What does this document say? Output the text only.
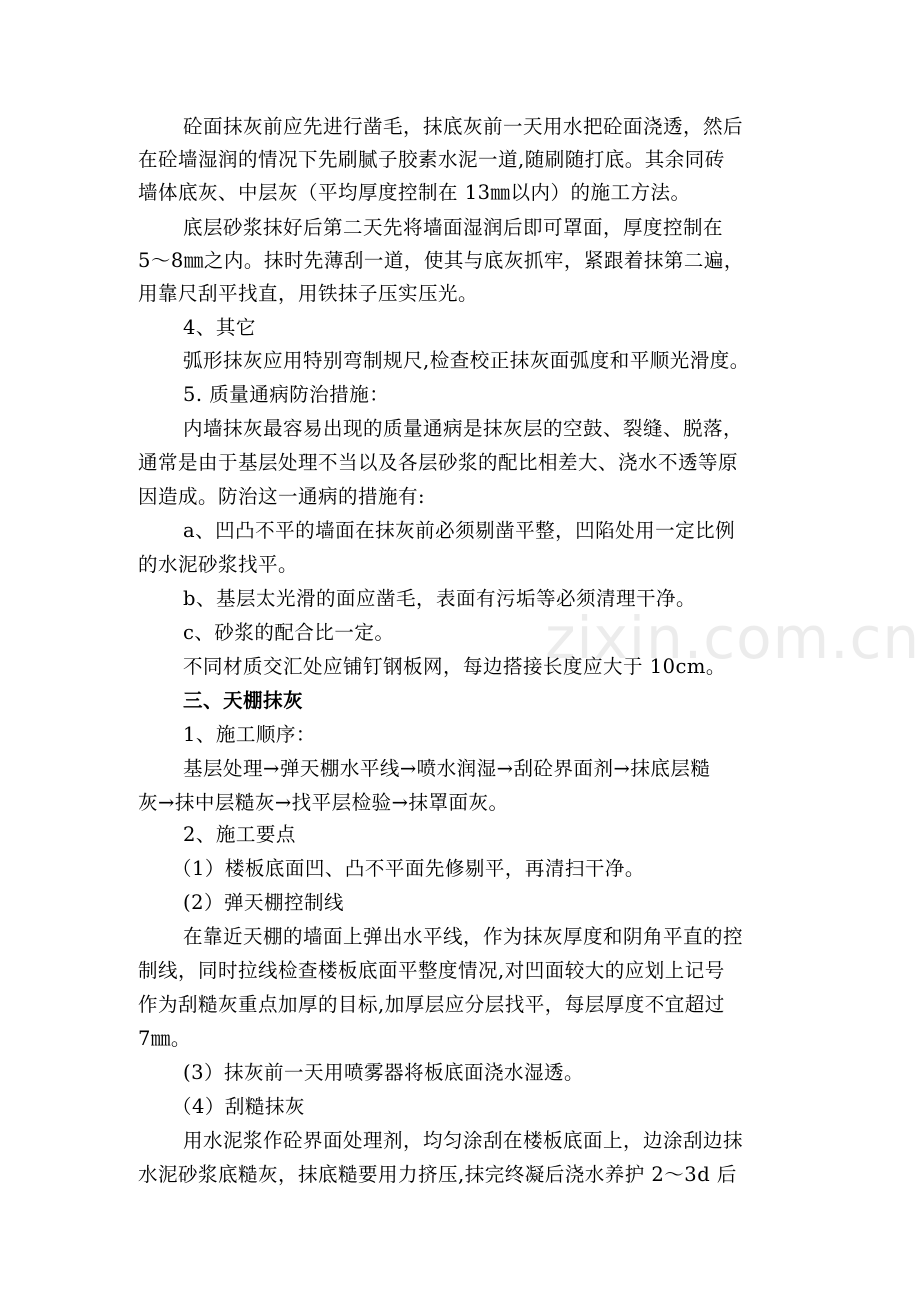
zixin.com.cn
砼面抹灰前应先进行凿毛，抹底灰前一天用水把砼面浇透，然后
在砼墙湿润的情况下先刷腻子胶素水泥一道,随刷随打底。其余同砖
墙体底灰、中层灰（平均厚度控制在 13㎜以内）的施工方法。
底层砂浆抹好后第二天先将墙面湿润后即可罩面，厚度控制在
5～8㎜之内。抹时先薄刮一道，使其与底灰抓牢，紧跟着抹第二遍，
用靠尺刮平找直，用铁抹子压实压光。
4、其它
弧形抹灰应用特别弯制规尺,检查校正抹灰面弧度和平顺光滑度。
5. 质量通病防治措施：
内墙抹灰最容易出现的质量通病是抹灰层的空鼓、裂缝、脱落，
通常是由于基层处理不当以及各层砂浆的配比相差大、浇水不透等原
因造成。防治这一通病的措施有:
a、凹凸不平的墙面在抹灰前必须剔凿平整，凹陷处用一定比例
的水泥砂浆找平。
b、基层太光滑的面应凿毛，表面有污垢等必须清理干净。
c、砂浆的配合比一定。
不同材质交汇处应铺钉钢板网，每边搭接长度应大于 10cm。
三、天棚抹灰
1、施工顺序：
基层处理→弹天棚水平线→喷水润湿→刮砼界面剂→抹底层糙
灰→抹中层糙灰→找平层检验→抹罩面灰。
2、施工要点
（1）楼板底面凹、凸不平面先修剔平，再清扫干净。
(2）弹天棚控制线
在靠近天棚的墙面上弹出水平线，作为抹灰厚度和阴角平直的控
制线，同时拉线检查楼板底面平整度情况,对凹面较大的应划上记号
作为刮糙灰重点加厚的目标,加厚层应分层找平，每层厚度不宜超过
7㎜。
(3）抹灰前一天用喷雾器将板底面浇水湿透。
（4）刮糙抹灰
用水泥浆作砼界面处理剂，均匀涂刮在楼板底面上，边涂刮边抹
水泥砂浆底糙灰，抹底糙要用力挤压,抹完终凝后浇水养护 2～3d 后
